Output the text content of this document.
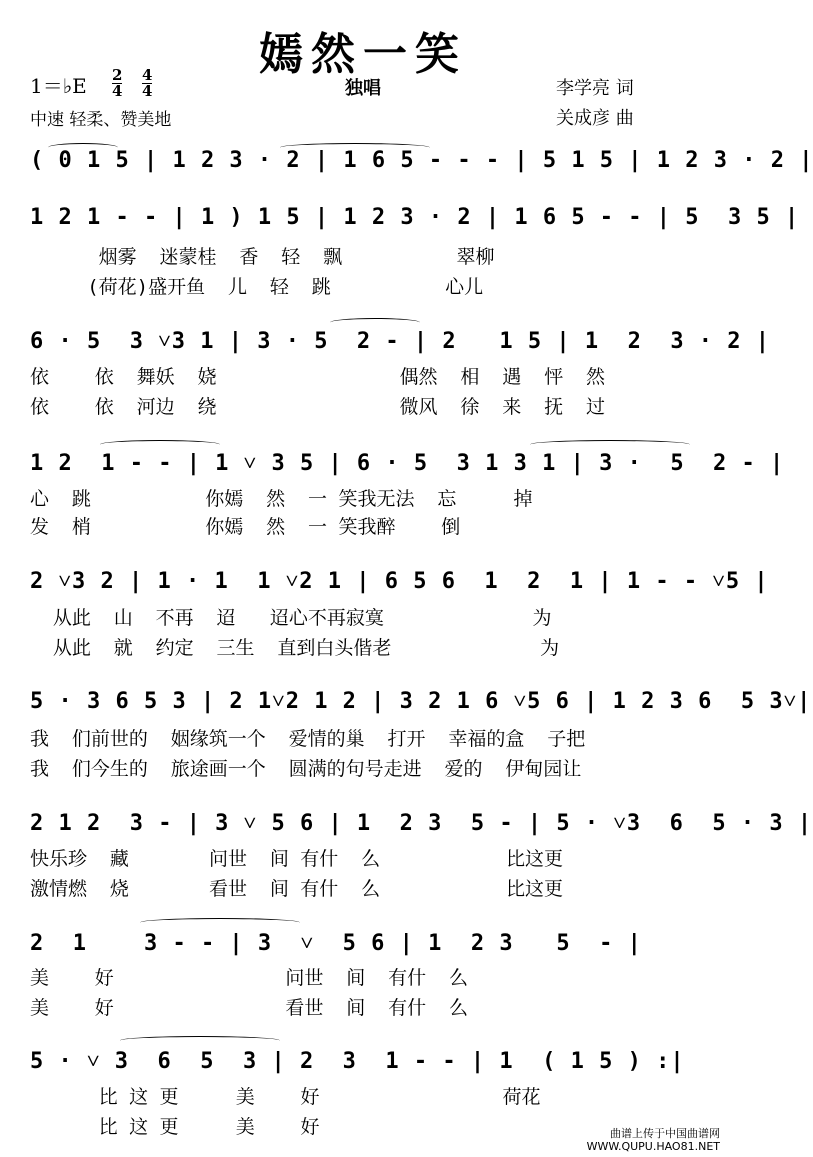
嫣然一笑
1＝♭E 2
4
4
4	独唱	李学亮 词
关成彦 曲
中速 轻柔、赞美地
( 0 1 5 | 1 2 3 · 2 | 1 6 5 - - - | 5 1 5 | 1 2 3 · 2 |
1 2 1 - - | 1 ) 1 5 | 1 2 3 · 2 | 1 6 5 - - | 5  3 5 |
烟雾  迷蒙桂  香  轻  飘          翠柳
(荷花)盛开鱼  儿  轻  跳          心儿
6 · 5  3 ˅3 1 | 3 · 5  2 - | 2   1 5 | 1  2  3 · 2 |
依    依  舞妖  娆                偶然  相  遇  怦  然
依    依  河边  绕                微风  徐  来  抚  过
1 2  1 - - | 1 ˅ 3 5 | 6 · 5  3 1 3 1 | 3 ·  5  2 - |
心  跳          你嫣  然  一 笑我无法  忘     掉
发  梢          你嫣  然  一 笑我醉    倒
2 ˅3 2 | 1 · 1  1 ˅2 1 | 6 5 6  1  2  1 | 1 - - ˅5 |
从此  山  不再  迢   迢心不再寂寞             为
从此  就  约定  三生  直到白头偕老             为
5 · 3 6 5 3 | 2 1˅2 1 2 | 3 2 1 6 ˅5 6 | 1 2 3 6  5 3˅|
我  们前世的  姻缘筑一个  爱情的巢  打开  幸福的盒  子把
我  们今生的  旅途画一个  圆满的句号走进  爱的  伊甸园让
2 1 2  3 - | 3 ˅ 5 6 | 1  2 3  5 - | 5 · ˅3  6  5 · 3 |
快乐珍  藏       问世  间 有什  么           比这更
激情燃  烧       看世  间 有什  么           比这更
2  1    3 - - | 3  ˅  5 6 | 1  2 3   5  - |
美    好               问世  间  有什  么
美    好               看世  间  有什  么
5 · ˅ 3  6  5  3 | 2  3  1 - - | 1  ( 1 5 ) :|
比 这 更     美    好                荷花
比 这 更     美    好	曲谱上传于中国曲谱网
WWW.QUPU.HAO81.NET
